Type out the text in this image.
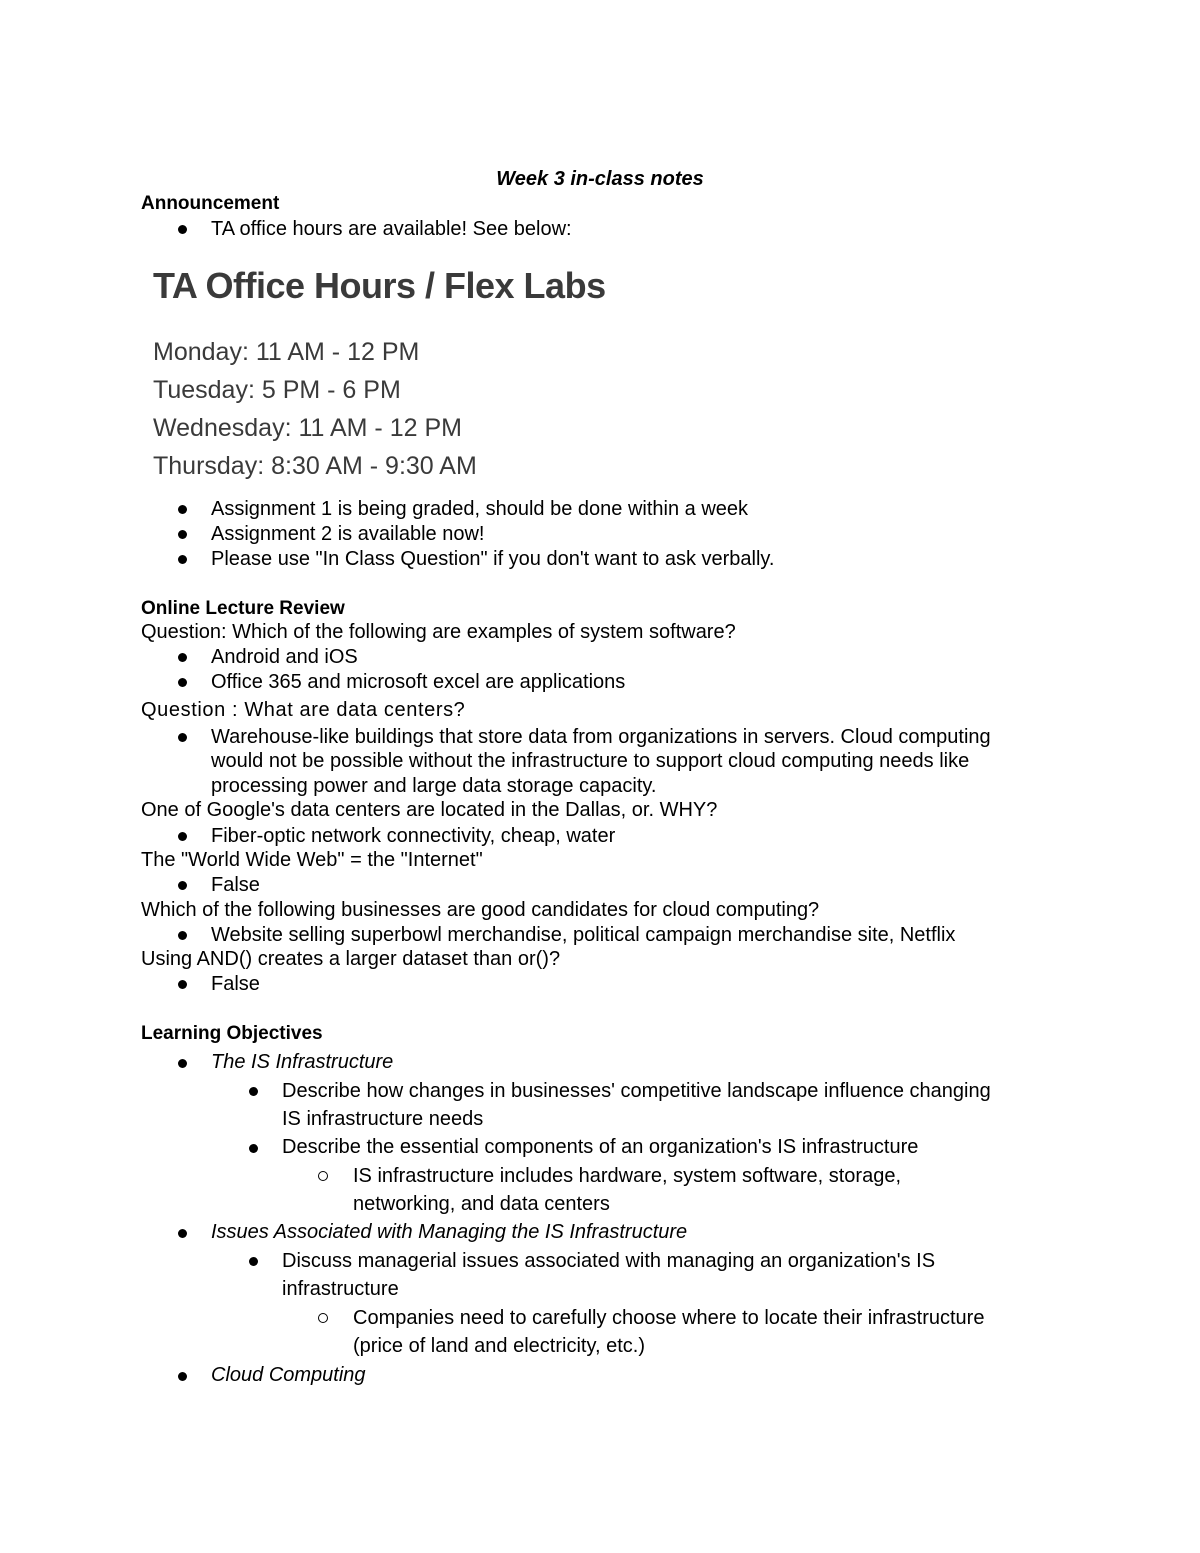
Week 3 in-class notes
Announcement
TA office hours are available! See below:
TA Office Hours / Flex Labs
Monday: 11 AM - 12 PM
Tuesday: 5 PM - 6 PM
Wednesday: 11 AM - 12 PM
Thursday: 8:30 AM - 9:30 AM
Assignment 1 is being graded, should be done within a week
Assignment 2 is available now!
Please use "In Class Question" if you don't want to ask verbally.
Online Lecture Review
Question: Which of the following are examples of system software?
Android and iOS
Office 365 and microsoft excel are applications
Question : What are data centers?
Warehouse-like buildings that store data from organizations in servers. Cloud computing
would not be possible without the infrastructure to support cloud computing needs like
processing power and large data storage capacity.
One of Google's data centers are located in the Dallas, or. WHY?
Fiber-optic network connectivity, cheap, water
The "World Wide Web" = the "Internet"
False
Which of the following businesses are good candidates for cloud computing?
Website selling superbowl merchandise, political campaign merchandise site, Netflix
Using AND() creates a larger dataset than or()?
False
Learning Objectives
The IS Infrastructure
Describe how changes in businesses' competitive landscape influence changing
IS infrastructure needs
Describe the essential components of an organization's IS infrastructure
IS infrastructure includes hardware, system software, storage,
networking, and data centers
Issues Associated with Managing the IS Infrastructure
Discuss managerial issues associated with managing an organization's IS
infrastructure
Companies need to carefully choose where to locate their infrastructure
(price of land and electricity, etc.)
Cloud Computing
